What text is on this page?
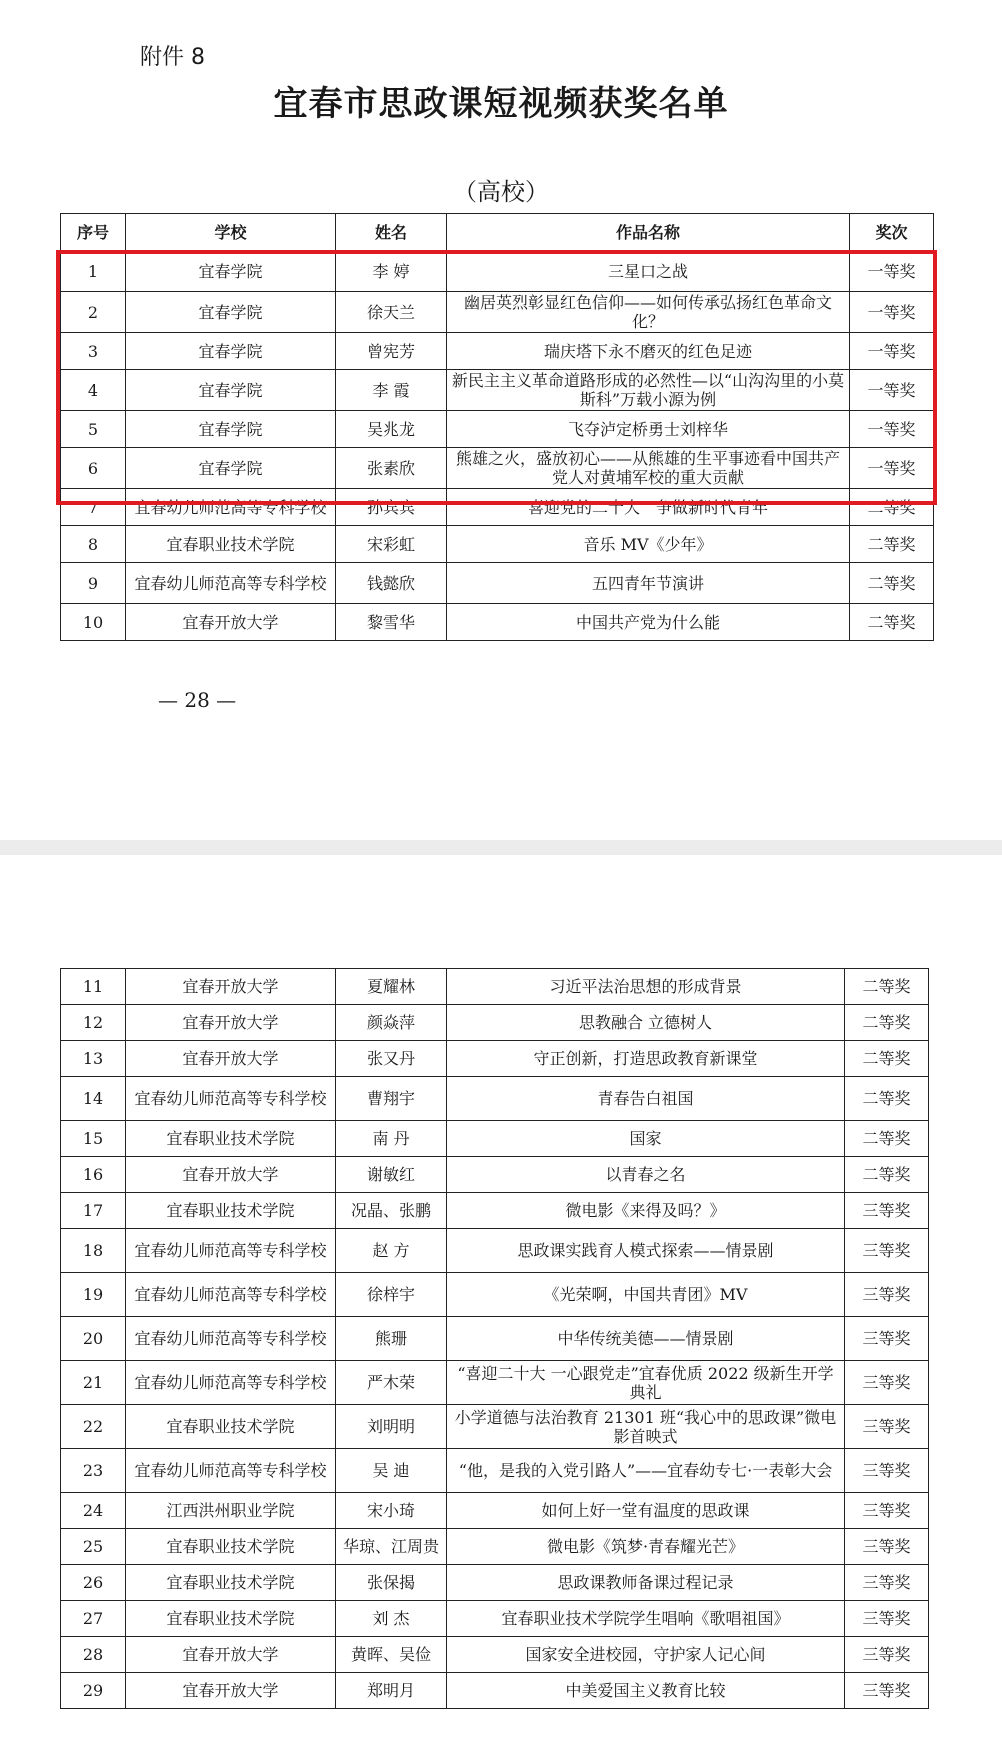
附件 8
宜春市思政课短视频获奖名单
（高校）
序号	学校	姓名	作品名称	奖次
1	宜春学院	李 婷	三星口之战	一等奖
2	宜春学院	徐天兰	幽居英烈彰显红色信仰——如何传承弘扬红色革命文化？	一等奖
3	宜春学院	曾宪芳	瑞庆塔下永不磨灭的红色足迹	一等奖
4	宜春学院	李 霞	新民主主义革命道路形成的必然性—以“山沟沟里的小莫斯科”万载小源为例	一等奖
5	宜春学院	吴兆龙	飞夺泸定桥勇士刘梓华	一等奖
6	宜春学院	张素欣	熊雄之火，盛放初心——从熊雄的生平事迹看中国共产党人对黄埔军校的重大贡献	一等奖
7	宜春幼儿师范高等专科学校	孙宾宾	喜迎党的二十大　争做新时代青年	二等奖
8	宜春职业技术学院	宋彩虹	音乐 MV《少年》	二等奖
9	宜春幼儿师范高等专科学校	钱懿欣	五四青年节演讲	二等奖
10	宜春开放大学	黎雪华	中国共产党为什么能	二等奖
— 28 —
11	宜春开放大学	夏耀林	习近平法治思想的形成背景	二等奖
12	宜春开放大学	颜焱萍	思教融合 立德树人	二等奖
13	宜春开放大学	张又丹	守正创新，打造思政教育新课堂	二等奖
14	宜春幼儿师范高等专科学校	曹翔宇	青春告白祖国	二等奖
15	宜春职业技术学院	南 丹	国家	二等奖
16	宜春开放大学	谢敏红	以青春之名	二等奖
17	宜春职业技术学院	况晶、张鹏	微电影《来得及吗？》	三等奖
18	宜春幼儿师范高等专科学校	赵 方	思政课实践育人模式探索——情景剧	三等奖
19	宜春幼儿师范高等专科学校	徐梓宇	《光荣啊，中国共青团》MV	三等奖
20	宜春幼儿师范高等专科学校	熊珊	中华传统美德——情景剧	三等奖
21	宜春幼儿师范高等专科学校	严木荣	“喜迎二十大 一心跟党走”宜春优质 2022 级新生开学典礼	三等奖
22	宜春职业技术学院	刘明明	小学道德与法治教育 21301 班“我心中的思政课”微电影首映式	三等奖
23	宜春幼儿师范高等专科学校	吴 迪	“他，是我的入党引路人”——宜春幼专七·一表彰大会	三等奖
24	江西洪州职业学院	宋小琦	如何上好一堂有温度的思政课	三等奖
25	宜春职业技术学院	华琼、江周贵	微电影《筑梦·青春耀光芒》	三等奖
26	宜春职业技术学院	张保揭	思政课教师备课过程记录	三等奖
27	宜春职业技术学院	刘 杰	宜春职业技术学院学生唱响《歌唱祖国》	三等奖
28	宜春开放大学	黄晖、吴俭	国家安全进校园，守护家人记心间	三等奖
29	宜春开放大学	郑明月	中美爱国主义教育比较	三等奖
